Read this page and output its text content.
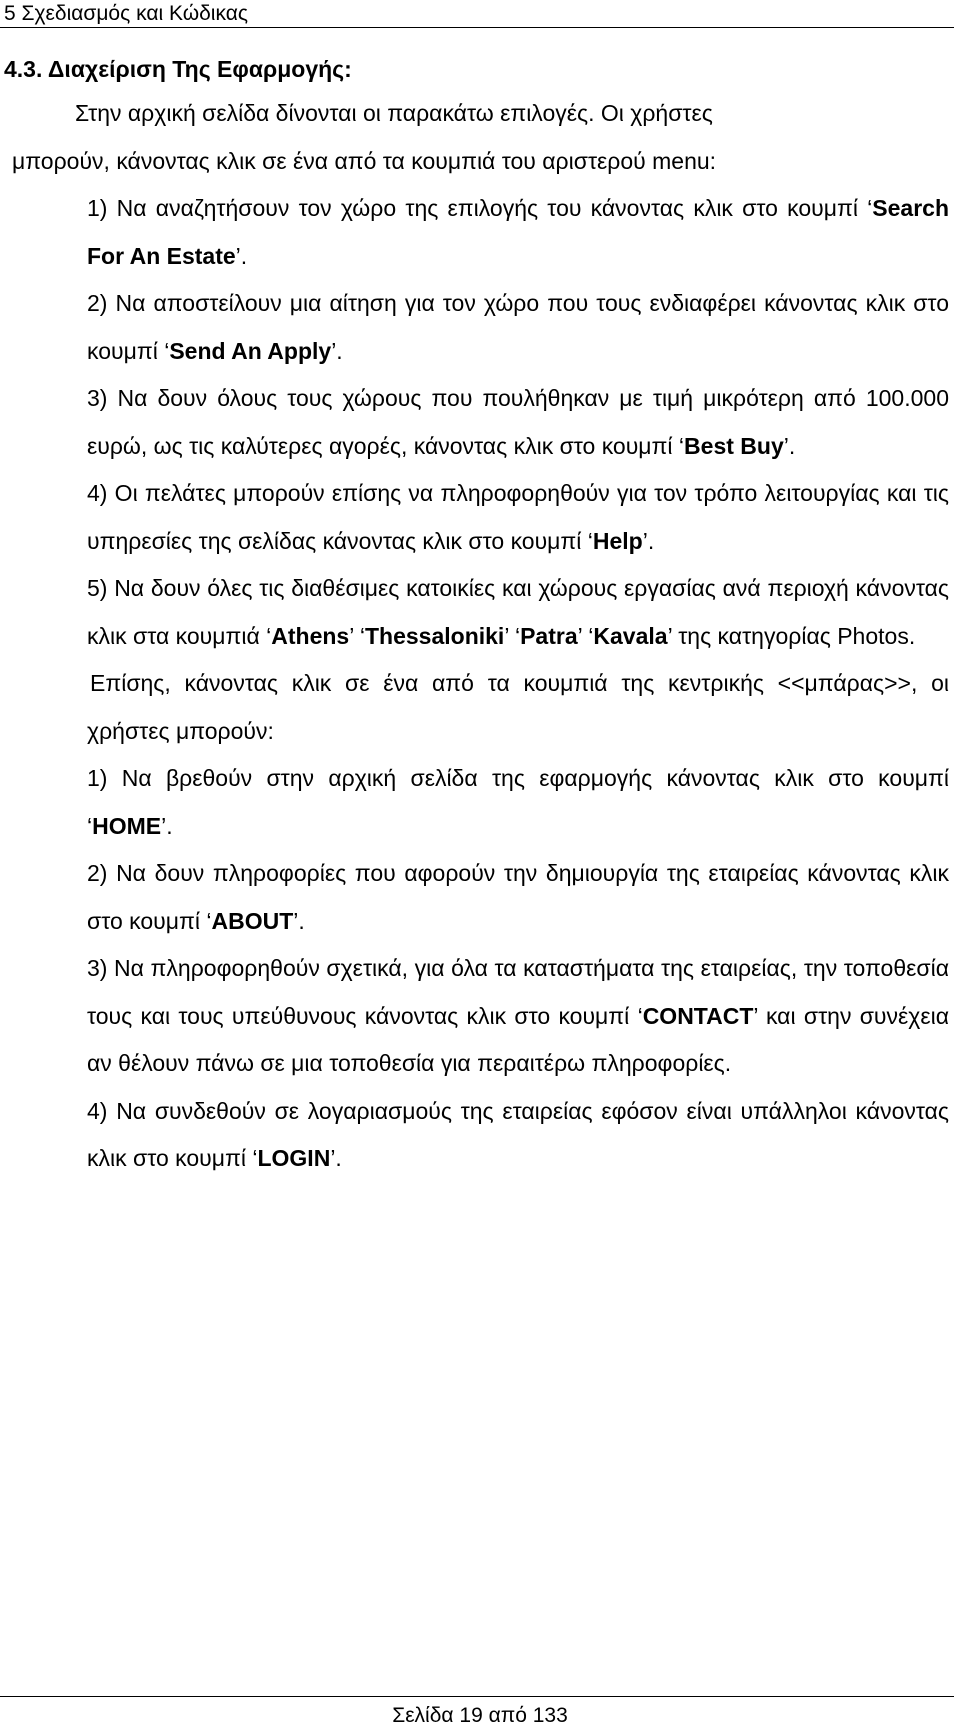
5 Σχεδιασμός και Κώδικας
4.3. Διαχείριση Της Εφαρμογής:

Στην αρχική σελίδα δίνονται οι παρακάτω επιλογές. Οι χρήστες
μπορούν, κάνοντας κλικ σε ένα από τα κουμπιά του αριστερού menu:

1) Να αναζητήσουν τον χώρο της επιλογής του κάνοντας κλικ στο κουμπί ‘Search For An Estate’.

2) Να αποστείλουν μια αίτηση για τον χώρο που τους ενδιαφέρει κάνοντας κλικ στο κουμπί ‘Send An Apply’.

3) Να δουν όλους τους χώρους που πουλήθηκαν με τιμή μικρότερη από 100.000 ευρώ, ως τις καλύτερες αγορές, κάνοντας κλικ στο κουμπί ‘Best Buy’.

4) Οι πελάτες μπορούν επίσης να πληροφορηθούν για τον τρόπο λειτουργίας και τις υπηρεσίες της σελίδας κάνοντας κλικ στο κουμπί ‘Help’.

5) Να δουν όλες τις διαθέσιμες κατοικίες και χώρους εργασίας ανά περιοχή κάνοντας κλικ στα κουμπιά ‘Athens’ ‘Thessaloniki’ ‘Patra’ ‘Kavala’ της κατηγορίας Photos.

Επίσης, κάνοντας κλικ σε ένα από τα κουμπιά της κεντρικής <<μπάρας>>, οι χρήστες μπορούν:

1) Να βρεθούν στην αρχική σελίδα της εφαρμογής κάνοντας κλικ στο κουμπί ‘HOME’.

2) Να δουν πληροφορίες που αφορούν την δημιουργία της εταιρείας κάνοντας κλικ στο κουμπί ‘ABOUT’.

3) Να πληροφορηθούν σχετικά, για όλα τα καταστήματα της εταιρείας, την τοποθεσία τους και τους υπεύθυνους κάνοντας κλικ στο κουμπί ‘CONTACT’ και στην συνέχεια αν θέλουν πάνω σε μια τοποθεσία για περαιτέρω πληροφορίες.

4) Να συνδεθούν σε λογαριασμούς της εταιρείας εφόσον είναι υπάλληλοι κάνοντας κλικ στο κουμπί ‘LOGIN’.

Σελίδα 19 από 133
